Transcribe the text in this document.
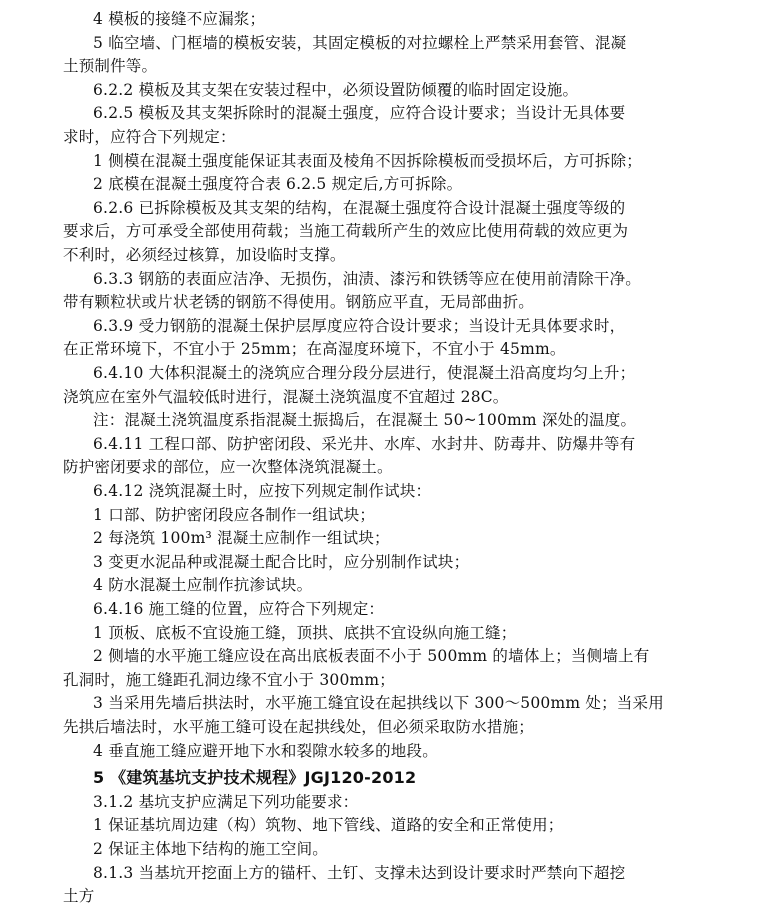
4 模板的接缝不应漏浆；
5 临空墙、门框墙的模板安装，其固定模板的对拉螺栓上严禁采用套管、混凝
土预制件等。
6.2.2 模板及其支架在安装过程中，必须设置防倾覆的临时固定设施。
6.2.5 模板及其支架拆除时的混凝土强度，应符合设计要求；当设计无具体要
求时，应符合下列规定：
1 侧模在混凝土强度能保证其表面及棱角不因拆除模板而受损坏后，方可拆除；
2 底模在混凝土强度符合表 6.2.5 规定后,方可拆除。
6.2.6 已拆除模板及其支架的结构，在混凝土强度符合设计混凝土强度等级的
要求后，方可承受全部使用荷载；当施工荷载所产生的效应比使用荷载的效应更为
不利时，必须经过核算，加设临时支撑。
6.3.3 钢筋的表面应洁净、无损伤，油渍、漆污和铁锈等应在使用前清除干净。
带有颗粒状或片状老锈的钢筋不得使用。钢筋应平直，无局部曲折。
6.3.9 受力钢筋的混凝土保护层厚度应符合设计要求；当设计无具体要求时，
在正常环境下，不宜小于 25mm；在高湿度环境下，不宜小于 45mm。
6.4.10 大体积混凝土的浇筑应合理分段分层进行，使混凝土沿高度均匀上升；
浇筑应在室外气温较低时进行，混凝土浇筑温度不宜超过 28C。
注：混凝土浇筑温度系指混凝土振捣后，在混凝土 50~100mm 深处的温度。
6.4.11 工程口部、防护密闭段、采光井、水库、水封井、防毒井、防爆井等有
防护密闭要求的部位，应一次整体浇筑混凝土。
6.4.12 浇筑混凝土时，应按下列规定制作试块：
1 口部、防护密闭段应各制作一组试块；
2 每浇筑 100m³ 混凝土应制作一组试块；
3 变更水泥品种或混凝土配合比时，应分别制作试块；
4 防水混凝土应制作抗渗试块。
6.4.16 施工缝的位置，应符合下列规定：
1 顶板、底板不宜设施工缝，顶拱、底拱不宜设纵向施工缝；
2 侧墙的水平施工缝应设在高出底板表面不小于 500mm 的墙体上；当侧墙上有
孔洞时，施工缝距孔洞边缘不宜小于 300mm；
3 当采用先墙后拱法时，水平施工缝宜设在起拱线以下 300～500mm 处；当采用
先拱后墙法时，水平施工缝可设在起拱线处，但必须采取防水措施；
4 垂直施工缝应避开地下水和裂隙水较多的地段。
5 《建筑基坑支护技术规程》JGJ120-2012
3.1.2 基坑支护应满足下列功能要求：
1 保证基坑周边建（构）筑物、地下管线、道路的安全和正常使用；
2 保证主体地下结构的施工空间。
8.1.3 当基坑开挖面上方的锚杆、土钉、支撑未达到设计要求时严禁向下超挖
土方
